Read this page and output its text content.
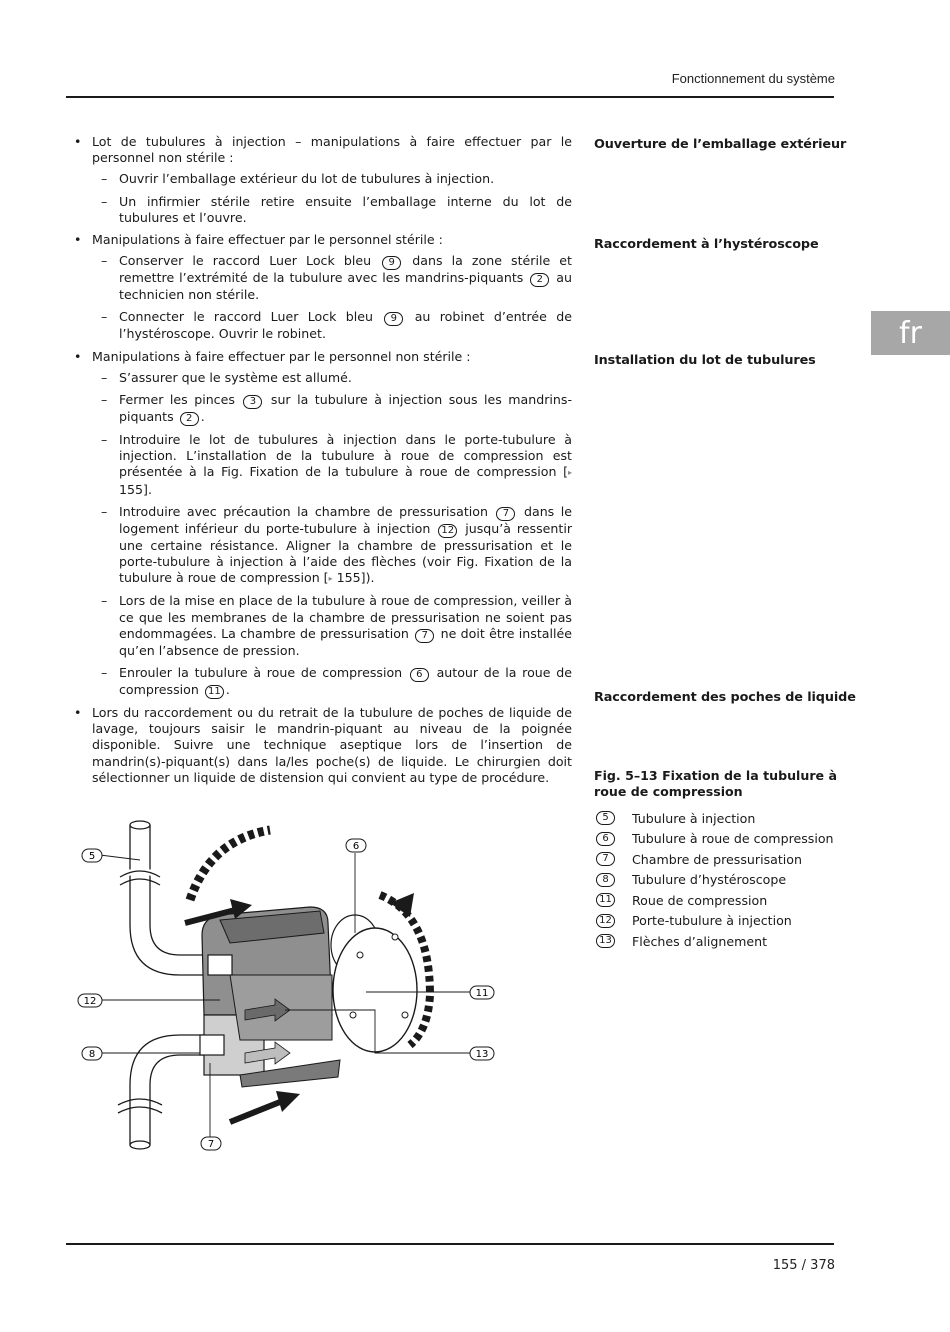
Fonctionnement du système
fr
Ouverture de l’emballage extérieur
Raccordement à l’hystéroscope
Installation du lot de tubulures
Raccordement des poches de liquide
• Lot de tubulures à injection – manipulations à faire effectuer par le personnel non stérile :
– Ouvrir l’emballage extérieur du lot de tubulures à injection.
– Un infirmier stérile retire ensuite l’emballage interne du lot de tubulures et l’ouvre.
• Manipulations à faire effectuer par le personnel stérile :
– Conserver le raccord Luer Lock bleu 9 dans la zone stérile et remettre l’extrémité de la tubulure avec les mandrins-piquants 2 au technicien non stérile.
– Connecter le raccord Luer Lock bleu 9 au robinet d’entrée de l’hystéroscope. Ouvrir le robinet.
• Manipulations à faire effectuer par le personnel non stérile :
– S’assurer que le système est allumé.
– Fermer les pinces 3 sur la tubulure à injection sous les mandrins-piquants 2 .
– Introduire le lot de tubulures à injection dans le porte-tubulure à injection. L’installation de la tubulure à roue de compression est présentée à la Fig. Fixation de la tubulure à roue de compression [▸ 155].
– Introduire avec précaution la chambre de pressurisation 7 dans le logement inférieur du porte-tubulure à injection 12 jusqu’à ressentir une certaine résistance. Aligner la chambre de pressurisation et le porte-tubulure à injection à l’aide des flèches (voir Fig. Fixation de la tubulure à roue de compression [▸ 155]).
– Lors de la mise en place de la tubulure à roue de compression, veiller à ce que les membranes de la chambre de pressurisation ne soient pas endommagées. La chambre de pressurisation 7 ne doit être installée qu’en l’absence de pression.
– Enrouler la tubulure à roue de compression 6 autour de la roue de compression 11 .
• Lors du raccordement ou du retrait de la tubulure de poches de liquide de lavage, toujours saisir le mandrin-piquant au niveau de la poignée disponible. Suivre une technique aseptique lors de l’insertion de mandrin(s)-piquant(s) dans la/les poche(s) de liquide. Le chirurgien doit sélectionner un liquide de distension qui convient au type de procédure.	Fig. 5–13 Fixation de la tubulure à roue de compression
5	Tubulure à injection
6	Tubulure à roue de compression
7	Chambre de pressurisation
8	Tubulure d’hystéroscope
11 Roue de compression
12 Porte-tubulure à injection
13 Flèches d’alignement
5
6
12
11
8	13
7
155 / 378
